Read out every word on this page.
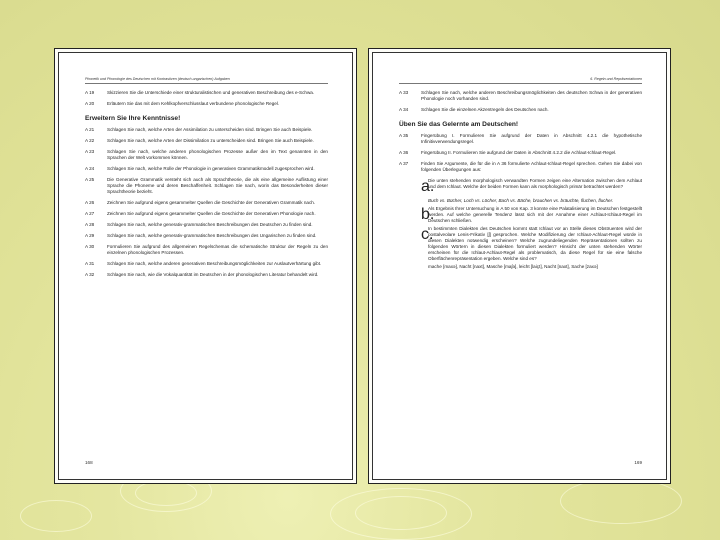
Phonetik und Phonologie des Deutschen mit Kontrastiven (deutsch-ungarischen) Aufgaben
A 19	Skizzieren Sie die Unterschiede einer strukturalistischen und generativen Beschreibung des e-Schwa.
A 20	Erläutern Sie das mit dem Kehlkopfverschlusslaut verbundene phonologische Regel.
Erweitern Sie Ihre Kenntnisse!
A 21	Schlagen Sie nach, welche Arten der Assimilation zu unterscheiden sind. Bringen Sie auch Beispiele.
A 22	Schlagen Sie nach, welche Arten der Dissimilation zu unterscheiden sind. Bringen Sie auch Beispiele.
A 23	Schlagen Sie nach, welche anderen phonologischen Prozesse außer den im Text genannten in den Sprachen der Welt vorkommen können.
A 24	Schlagen Sie nach, welche Rolle der Phonologie in generativen Grammatikmodell zugesprochen wird.
A 25	Die Generative Grammatik versteht sich auch als Sprachtheorie, die als eine allgemeine Auflistung einer Sprache die Phoneme und deren Beschaffenheit. Schlagen Sie nach, worin das Besonderheiten dieser Sprachtheorie bezieht.
A 26	Zeichnen Sie aufgrund eigens gesammelter Quellen die Geschichte der Generativen Grammatik nach.
A 27	Zeichnen Sie aufgrund eigens gesammelter Quellen die Geschichte der Generativen Phonologie nach.
A 28	Schlagen Sie nach, welche generativ-grammatischen Beschreibungen des Deutschen zu finden sind.
A 29	Schlagen Sie nach, welche generativ-grammatischen Beschreibungen des Ungarischen zu finden sind.
A 30	Formulieren Sie aufgrund des allgemeinen Regelschemas die schematische Struktur der Regeln zu den einzelnen phonologischen Prozessen.
A 31	Schlagen Sie nach, welche anderen generativen Beschreibungsmöglichkeiten zur Auslautverhärtung gibt.
A 32	Schlagen Sie nach, wie die Vokalquantität im Deutschen in der phonologischen Literatur behandelt wird.
168
6. Regeln und Repräsentationen
A 33	Schlagen Sie nach, welche anderen Beschreibungsmöglichkeiten des deutschen Schwa in der generativen Phonologie noch vorhanden sind.
A 34	Schlagen Sie die einzelnen Akzentregeln des Deutschen nach.
Üben Sie das Gelernte am Deutschen!
A 35	Fingerübung I. Formulieren Sie aufgrund der Daten in Abschnitt 4.2.1 die hypothetische Infinitivverwendungsregel.
A 36	Fingerübung II. Formulieren Sie aufgrund der Daten in Abschnitt 4.2.2 die Achlaut-Ichlaut-Regel.
A 37	Finden Sie Argumente, die für die in A 36 formulierte Achlaut-Ichlaut-Regel sprechen. Gehen Sie dabei von folgenden Überlegungen aus:
a.
Die unten stehenden morphologisch verwandten Formen zeigen eine Alternation zwischen dem Achlaut und dem Ichlaut. Welche der beiden Formen kann als morphologisch primär betrachtet werden?
Buch vs. Bücher, Loch vs. Löcher, Bach vs. Bäche, brauchen vs. bräuchte, fluchen, flucher.
b.
Als Ergebnis Ihrer Untersuchung in A 50 von Kap. 3 konnte eine Palatalisierung im Deutschen festgestellt werden. Auf welche generelle Tendenz lässt sich mit der Annahme einer Achlaut-Ichlaut-Regel im Deutschen schließen.
c.
In bestimmten Dialekten des Deutschen kommt statt Ichlaut vor an Stelle dieses Obstruenten wird der postalveolare Lenis-Frikativ [ʃ] gesprochen. Welche Modifizierung der Ichlaut-Achlaut-Regel würde in diesen Dialekten notwendig erscheinen? Welche zugrundeliegenden Repräsentationen sollten zu folgenden Wörtern in diesen Dialekten formuliert werden? Hinsicht der unten stehenden Wörter erscheinen für die Ichlaut-Achlaut-Regel als problematisch, da diese Regel für sie eine falsche Oberflächenrepräsentation ergeben. Welche sind es?
mache [maxə], Nacht [naxt], Masche [maʃə], leicht [laiçt], Nacht [naxt], Sache [zaxə]
169
